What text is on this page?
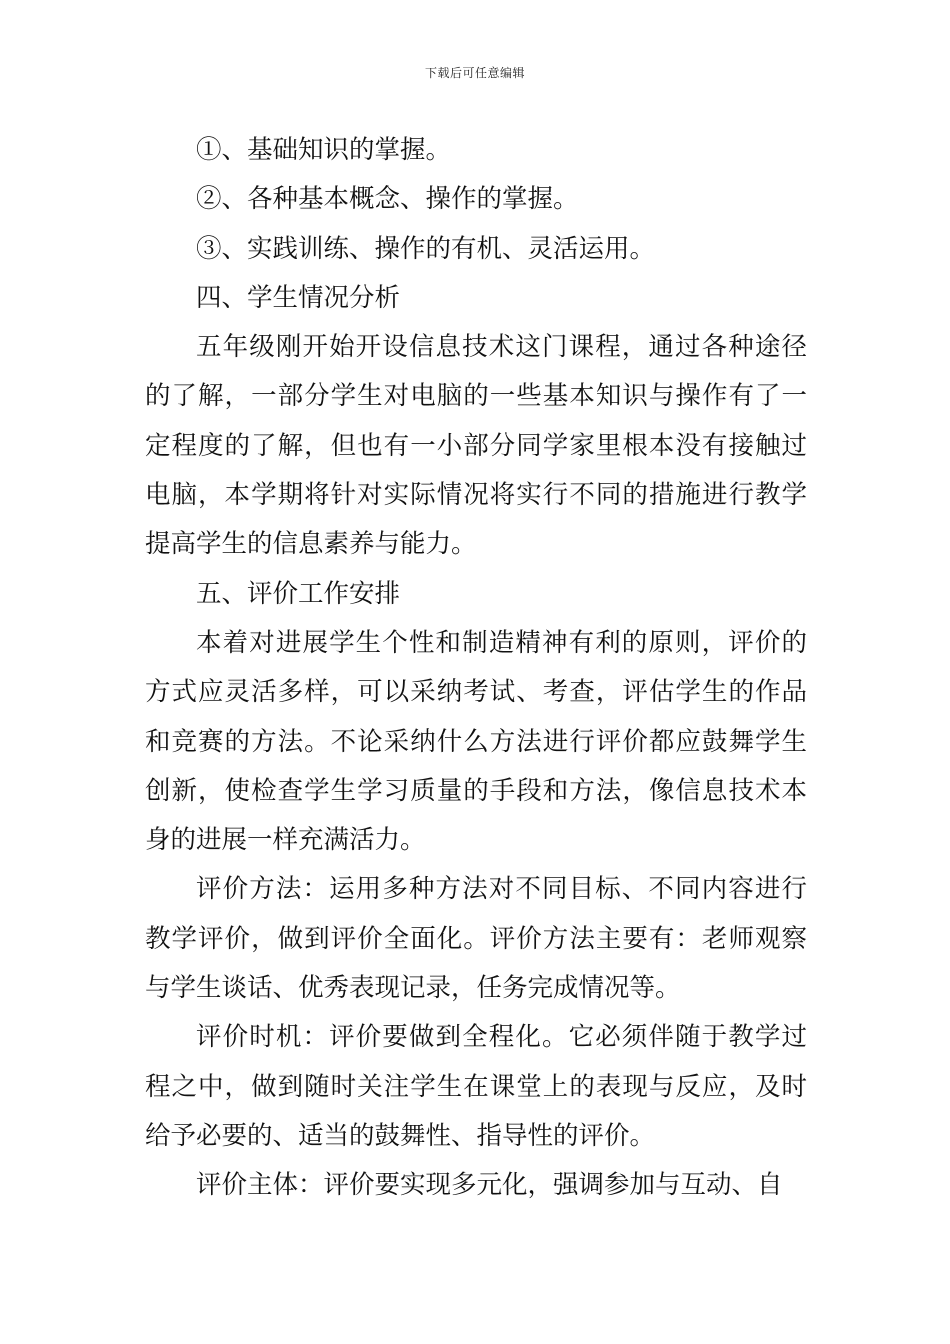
下载后可任意编辑

①、基础知识的掌握。

②、各种基本概念、操作的掌握。

③、实践训练、操作的有机、灵活运用。

四、学生情况分析

五年级刚开始开设信息技术这门课程，通过各种途径的了解，一部分学生对电脑的一些基本知识与操作有了一定程度的了解，但也有一小部分同学家里根本没有接触过电脑，本学期将针对实际情况将实行不同的措施进行教学提高学生的信息素养与能力。

五、评价工作安排

本着对进展学生个性和制造精神有利的原则，评价的方式应灵活多样，可以采纳考试、考查，评估学生的作品和竞赛的方法。不论采纳什么方法进行评价都应鼓舞学生创新，使检查学生学习质量的手段和方法，像信息技术本身的进展一样充满活力。

评价方法：运用多种方法对不同目标、不同内容进行教学评价，做到评价全面化。评价方法主要有：老师观察与学生谈话、优秀表现记录，任务完成情况等。

评价时机：评价要做到全程化。它必须伴随于教学过程之中，做到随时关注学生在课堂上的表现与反应，及时给予必要的、适当的鼓舞性、指导性的评价。

评价主体：评价要实现多元化，强调参加与互动、自
